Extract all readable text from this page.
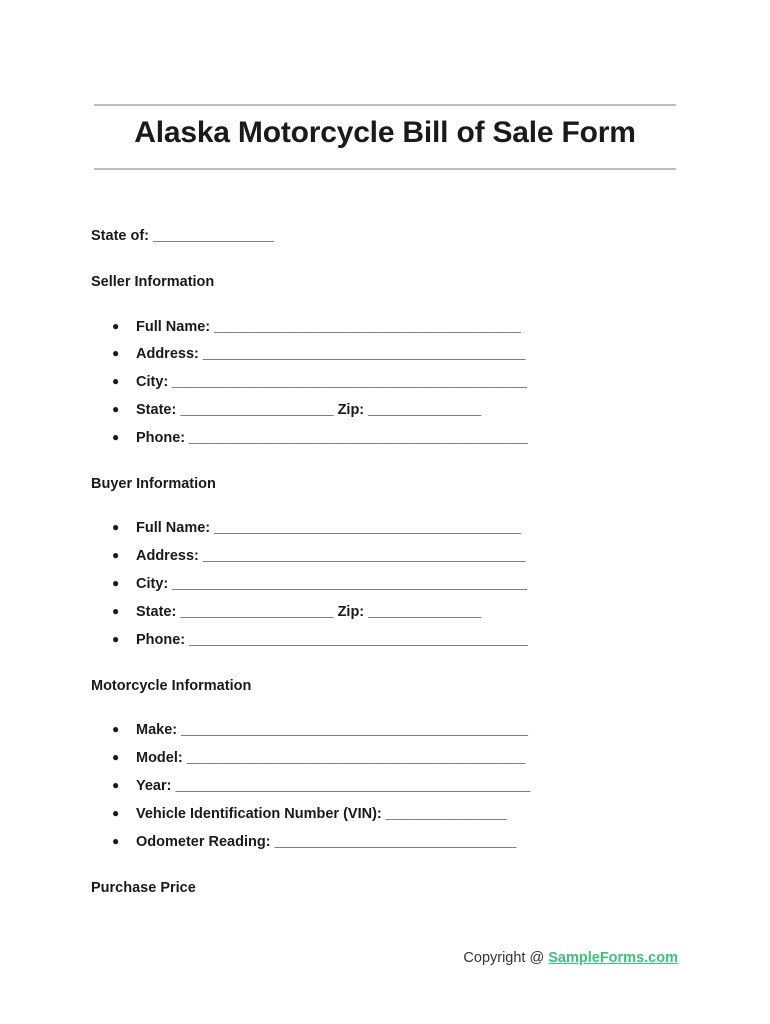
Alaska Motorcycle Bill of Sale Form
State of: _______________
Seller Information
● Full Name: ______________________________________
● Address: ________________________________________
● City: ____________________________________________
● State: ___________________ Zip: ______________
● Phone: __________________________________________
Buyer Information
● Full Name: ______________________________________
● Address: ________________________________________
● City: ____________________________________________
● State: ___________________ Zip: ______________
● Phone: __________________________________________
Motorcycle Information
● Make: ___________________________________________
● Model: __________________________________________
● Year: ____________________________________________
● Vehicle Identification Number (VIN): _______________
● Odometer Reading: ______________________________
Purchase Price
Copyright @ SampleForms.com
